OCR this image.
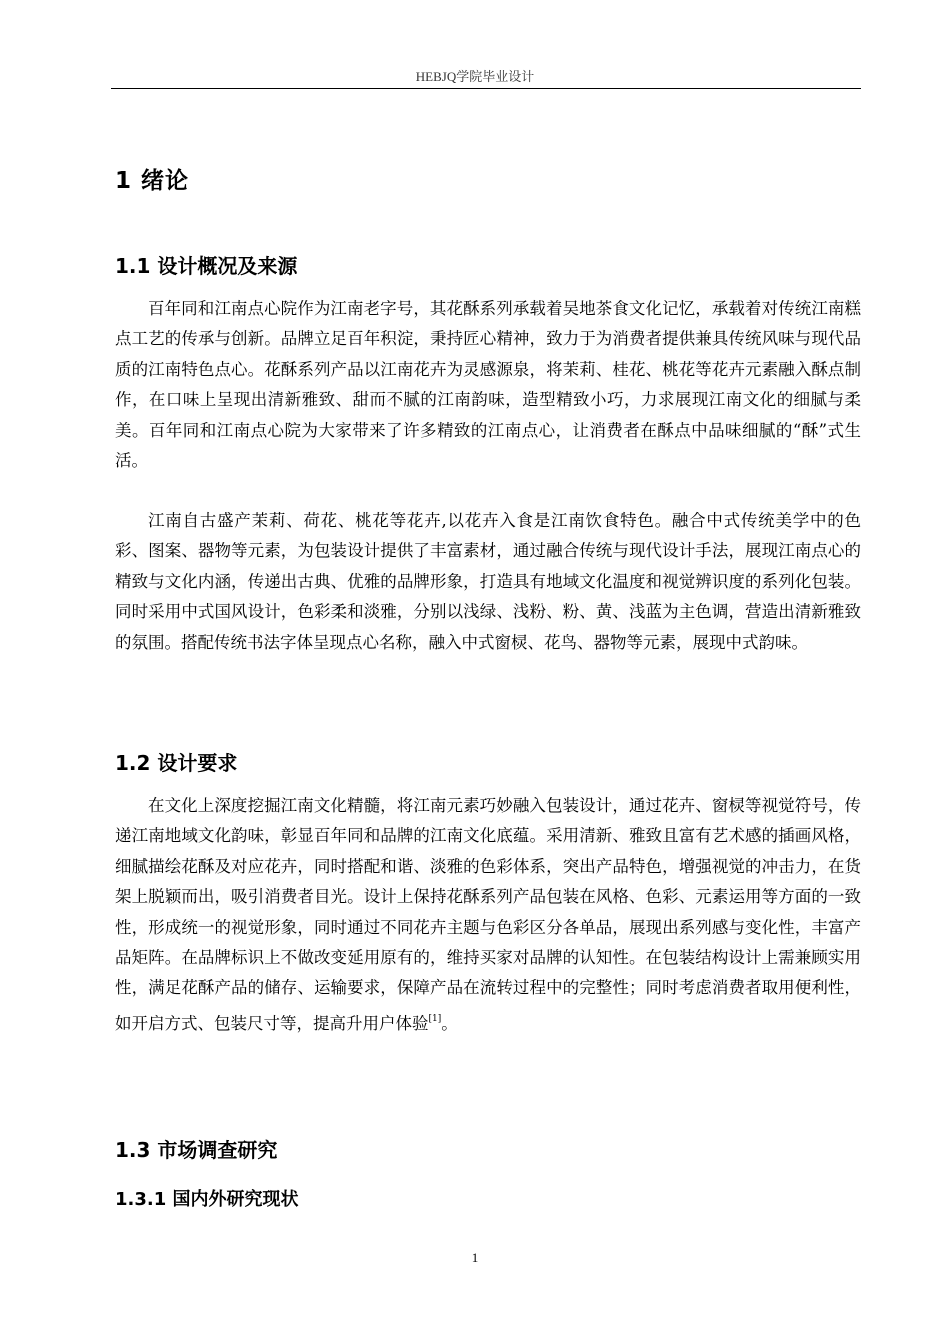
HEBJQ学院毕业设计
1 绪论
1.1 设计概况及来源

百年同和江南点心院作为江南老字号，其花酥系列承载着吴地茶食文化记忆，承载着对传统江南糕点工艺的传承与创新。品牌立足百年积淀，秉持匠心精神，致力于为消费者提供兼具传统风味与现代品质的江南特色点心。花酥系列产品以江南花卉为灵感源泉，将茉莉、桂花、桃花等花卉元素融入酥点制作，在口味上呈现出清新雅致、甜而不腻的江南韵味，造型精致小巧，力求展现江南文化的细腻与柔美。百年同和江南点心院为大家带来了许多精致的江南点心，让消费者在酥点中品味细腻的“酥”式生活。

江南自古盛产茉莉、荷花、桃花等花卉,以花卉入食是江南饮食特色。融合中式传统美学中的色彩、图案、器物等元素，为包装设计提供了丰富素材，通过融合传统与现代设计手法，展现江南点心的精致与文化内涵，传递出古典、优雅的品牌形象，打造具有地域文化温度和视觉辨识度的系列化包装。同时采用中式国风设计，色彩柔和淡雅，分别以浅绿、浅粉、粉、黄、浅蓝为主色调，营造出清新雅致的氛围。搭配传统书法字体呈现点心名称，融入中式窗棂、花鸟、器物等元素，展现中式韵味。

1.2 设计要求

在文化上深度挖掘江南文化精髓，将江南元素巧妙融入包装设计，通过花卉、窗棂等视觉符号，传递江南地域文化韵味，彰显百年同和品牌的江南文化底蕴。采用清新、雅致且富有艺术感的插画风格，细腻描绘花酥及对应花卉，同时搭配和谐、淡雅的色彩体系，突出产品特色，增强视觉的冲击力，在货架上脱颖而出，吸引消费者目光。设计上保持花酥系列产品包装在风格、色彩、元素运用等方面的一致性，形成统一的视觉形象，同时通过不同花卉主题与色彩区分各单品，展现出系列感与变化性，丰富产品矩阵。在品牌标识上不做改变延用原有的，维持买家对品牌的认知性。在包装结构设计上需兼顾实用性，满足花酥产品的储存、运输要求，保障产品在流转过程中的完整性；同时考虑消费者取用便利性，如开启方式、包装尺寸等，提高升用户体验[1]。

1.3 市场调查研究
1.3.1 国内外研究现状
1
